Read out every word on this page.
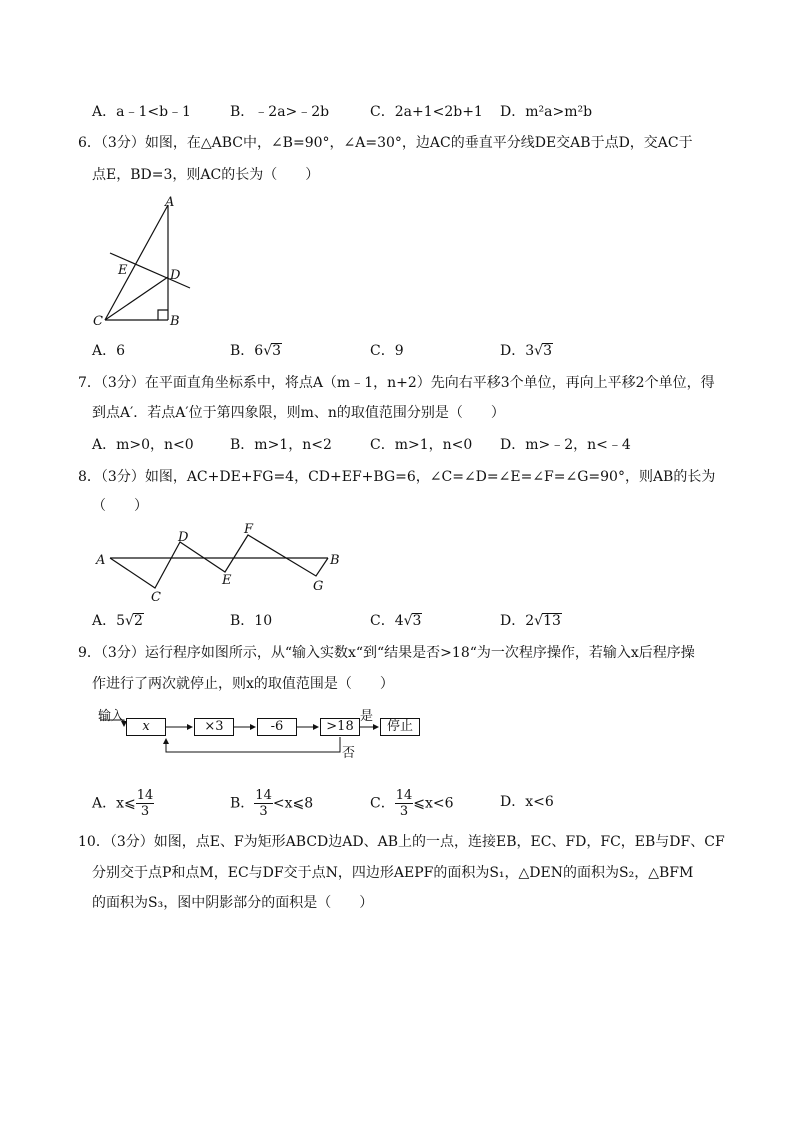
A．a﹣1<b﹣1	B．﹣2a>﹣2b	C．2a+1<2b+1 D．m²a>m²b
6．（3分）如图，在△ABC中，∠B=90°，∠A=30°，边AC的垂直平分线DE交AB于点D，交AC于
点E，BD=3，则AC的长为（　　）
A
C	B
D
E
A．6	B．6√3	C．9	D．3√3
7．（3分）在平面直角坐标系中，将点A（m﹣1，n+2）先向右平移3个单位，再向上平移2个单位，得
到点A′．若点A′位于第四象限，则m、n的取值范围分别是（　　）
A．m>0，n<0	B．m>1，n<2	C．m>1，n<0 D．m>﹣2，n<﹣4
8．（3分）如图，AC+DE+FG=4，CD+EF+BG=6，∠C=∠D=∠E=∠F=∠G=90°，则AB的长为
（　　）
A	B
C
D
E
F
G
A．5√2	B．10	C．4√3	D．2√13
9．（3分）运行程序如图所示，从“输入实数x“到“结果是否>18“为一次程序操作，若输入x后程序操
作进行了两次就停止，则x的取值范围是（　　）
输入
x	×3	-6	>18	停止
是
否
A．x⩽ $\frac{14}{3}$	B． $\frac{14}{3}$ <x⩽8	C． $\frac{14}{3}$ ⩽x<6	D．x<6
10．（3分）如图，点E、F为矩形ABCD边AD、AB上的一点，连接EB，EC、FD，FC，EB与DF、CF
分别交于点P和点M，EC与DF交于点N，四边形AEPF的面积为S₁，△DEN的面积为S₂，△BFM
的面积为S₃，图中阴影部分的面积是（　　）
